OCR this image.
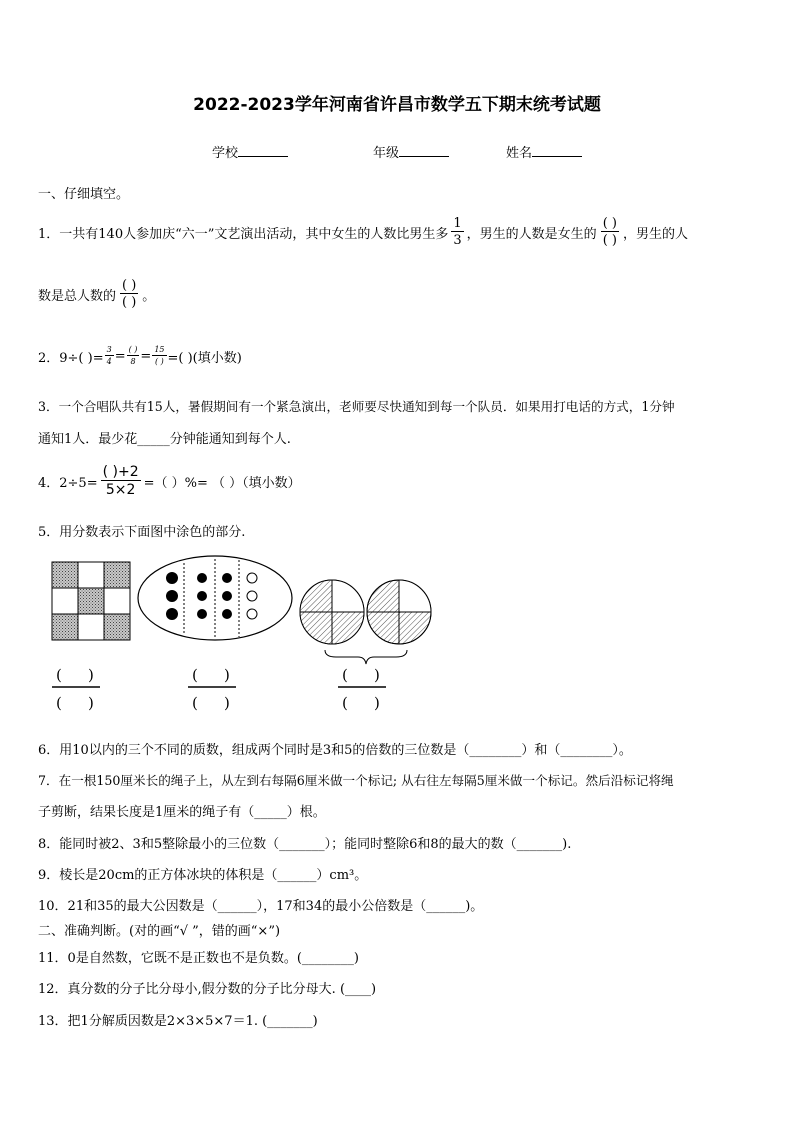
2022-2023学年河南省许昌市数学五下期末统考试题
学校	年级	姓名
一、仔细填空。
1．一共有140人参加庆“六一”文艺演出活动，其中女生的人数比男生多 $\frac{1}{3}$ ，男生的人数是女生的 $\frac{( )}{( )}$ ，男生的人
数是总人数的 $\frac{( )}{( )}$ 。
2．9÷( )= $\frac{3}{4} = \frac{( )}{8} = \frac{15}{( )}$ =( )(填小数)
3．一个合唱队共有15人，暑假期间有一个紧急演出，老师要尽快通知到每一个队员．如果用打电话的方式，1分钟
通知1人．最少花_____分钟能通知到每个人.
4．$2\div 5= \frac{( )+2}{5\times 2}$ =（ ）%= （ ）（填小数）
5．用分数表示下面图中涂色的部分.
( )
( )
( )
( )
( )
( )
6．用10以内的三个不同的质数，组成两个同时是3和5的倍数的三位数是（________）和（________）。
7．在一根150厘米长的绳子上，从左到右每隔6厘米做一个标记; 从右往左每隔5厘米做一个标记。然后沿标记将绳
子剪断，结果长度是1厘米的绳子有（_____）根。
8．能同时被2、3和5整除最小的三位数（_______）；能同时整除6和8的最大的数（_______).
9．棱长是20cm的正方体冰块的体积是（______）cm³。
10．21和35的最大公因数是（______），17和34的最小公倍数是（______)。
二、准确判断。(对的画“√ ”，错的画“×”)
11．0是自然数，它既不是正数也不是负数。(________)
12．真分数的分子比分母小,假分数的分子比分母大. (____)
13．把1分解质因数是2×3×5×7＝1. (_______)
